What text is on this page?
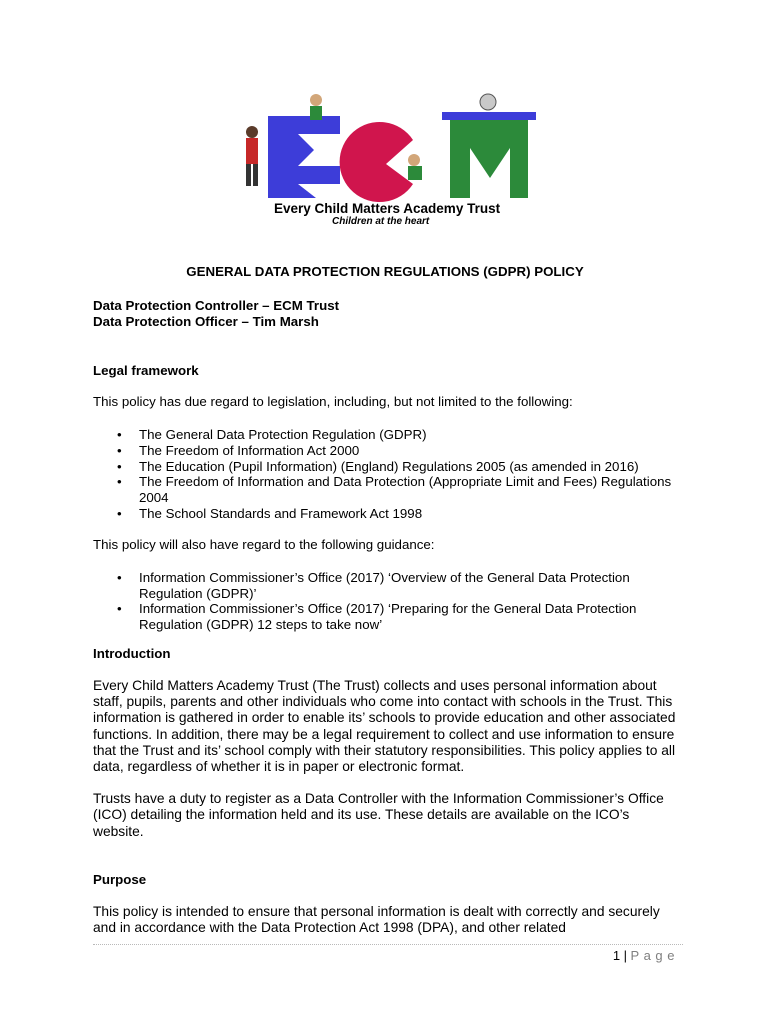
Every Child Matters Academy Trust
Children at the heart
GENERAL DATA PROTECTION REGULATIONS (GDPR) POLICY
Data Protection Controller – ECM Trust
Data Protection Officer – Tim Marsh
Legal framework
This policy has due regard to legislation, including, but not limited to the following:
• The General Data Protection Regulation (GDPR)
• The Freedom of Information Act 2000
• The Education (Pupil Information) (England) Regulations 2005 (as amended in 2016)
• The Freedom of Information and Data Protection (Appropriate Limit and Fees) Regulations 2004
• The School Standards and Framework Act 1998
This policy will also have regard to the following guidance:
• Information Commissioner’s Office (2017) ‘Overview of the General Data Protection Regulation (GDPR)’
• Information Commissioner’s Office (2017) ‘Preparing for the General Data Protection Regulation (GDPR) 12 steps to take now’
Introduction
Every Child Matters Academy Trust (The Trust) collects and uses personal information about staff, pupils, parents and other individuals who come into contact with schools in the Trust. This information is gathered in order to enable its’ schools to provide education and other associated functions. In addition, there may be a legal requirement to collect and use information to ensure that the Trust and its’ school comply with their statutory responsibilities. This policy applies to all data, regardless of whether it is in paper or electronic format.
Trusts have a duty to register as a Data Controller with the Information Commissioner’s Office (ICO) detailing the information held and its use. These details are available on the ICO’s website.
Purpose
This policy is intended to ensure that personal information is dealt with correctly and securely and in accordance with the Data Protection Act 1998 (DPA), and other related
1 | P a g e
